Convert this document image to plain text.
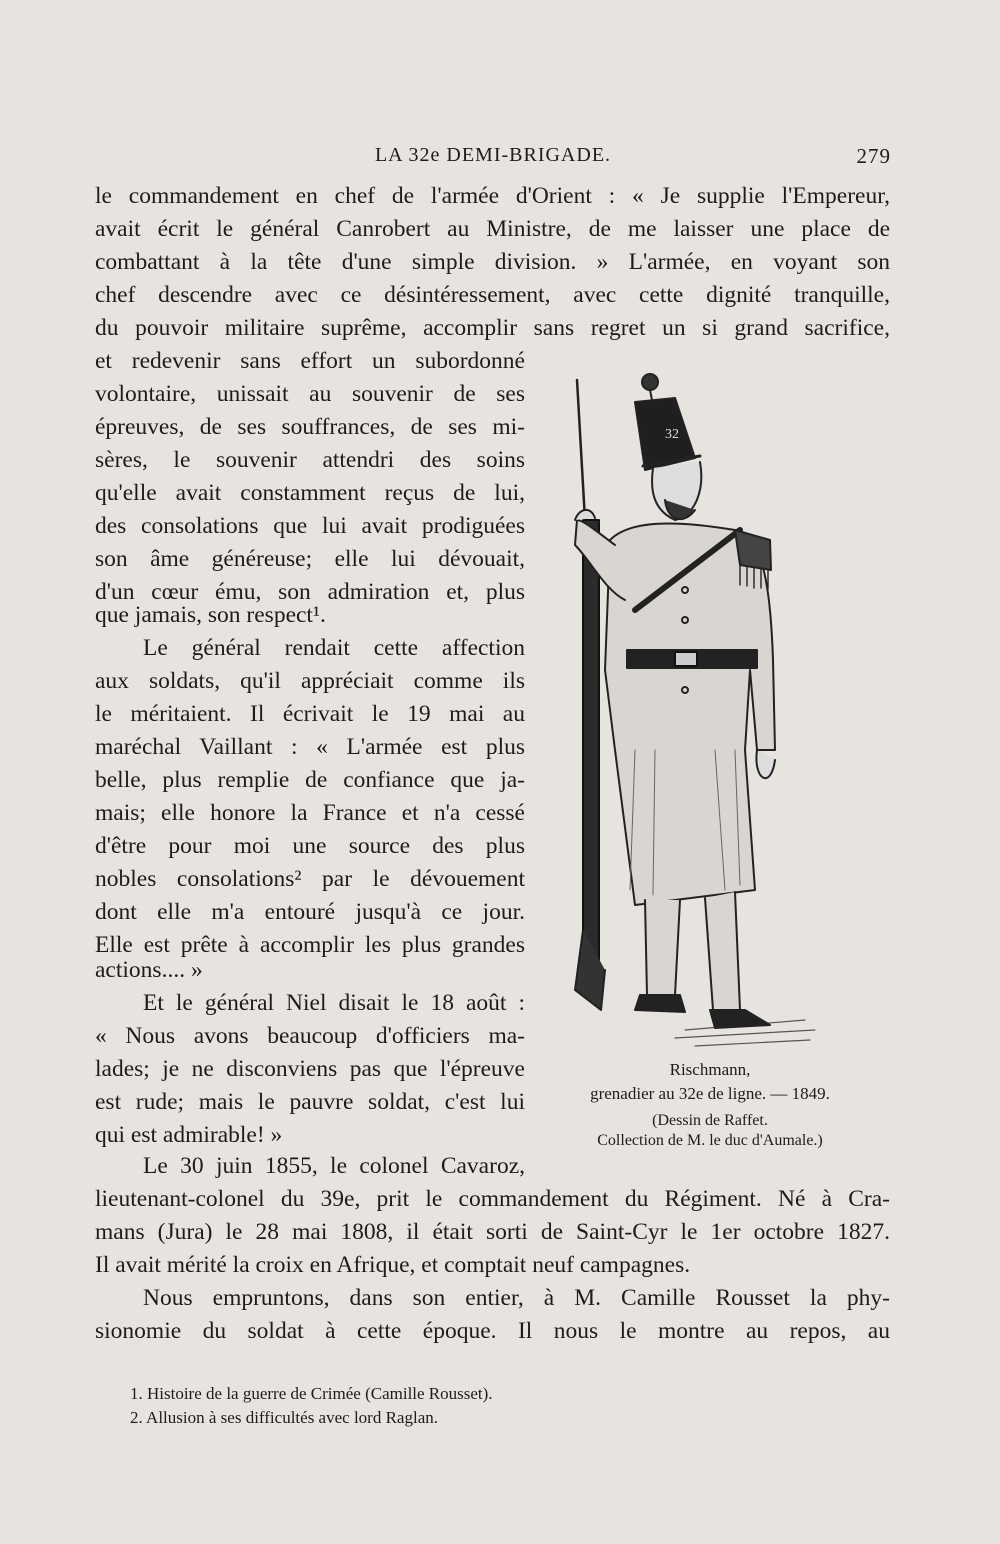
LA 32e DEMI-BRIGADE.	279
le commandement en chef de l'armée d'Orient : « Je supplie l'Empereur,
avait écrit le général Canrobert au Ministre, de me laisser une place de
combattant à la tête d'une simple division. » L'armée, en voyant son
chef descendre avec ce désintéressement, avec cette dignité tranquille,
du pouvoir militaire suprême, accomplir sans regret un si grand sacrifice,
et redevenir sans effort un subordonné
volontaire, unissait au souvenir de ses
épreuves, de ses souffrances, de ses mi-
sères, le souvenir attendri des soins
qu'elle avait constamment reçus de lui,
des consolations que lui avait prodiguées
son âme généreuse; elle lui dévouait,
d'un cœur ému, son admiration et, plus
que jamais, son respect¹.
Le général rendait cette affection
aux soldats, qu'il appréciait comme ils
le méritaient. Il écrivait le 19 mai au
maréchal Vaillant : « L'armée est plus
belle, plus remplie de confiance que ja-
mais; elle honore la France et n'a cessé
d'être pour moi une source des plus
nobles consolations² par le dévouement
dont elle m'a entouré jusqu'à ce jour.
Elle est prête à accomplir les plus grandes
actions.... »
Et le général Niel disait le 18 août :
« Nous avons beaucoup d'officiers ma-
lades; je ne disconviens pas que l'épreuve
est rude; mais le pauvre soldat, c'est lui
qui est admirable! »
Le 30 juin 1855, le colonel Cavaroz,
lieutenant-colonel du 39e, prit le commandement du Régiment. Né à Cra-
mans (Jura) le 28 mai 1808, il était sorti de Saint-Cyr le 1er octobre 1827.
Il avait mérité la croix en Afrique, et comptait neuf campagnes.
Nous empruntons, dans son entier, à M. Camille Rousset la phy-
sionomie du soldat à cette époque. Il nous le montre au repos, au
32
Rischmann,
grenadier au 32e de ligne. — 1849.
(Dessin de Raffet.
Collection de M. le duc d'Aumale.)
1. Histoire de la guerre de Crimée (Camille Rousset).
2. Allusion à ses difficultés avec lord Raglan.
